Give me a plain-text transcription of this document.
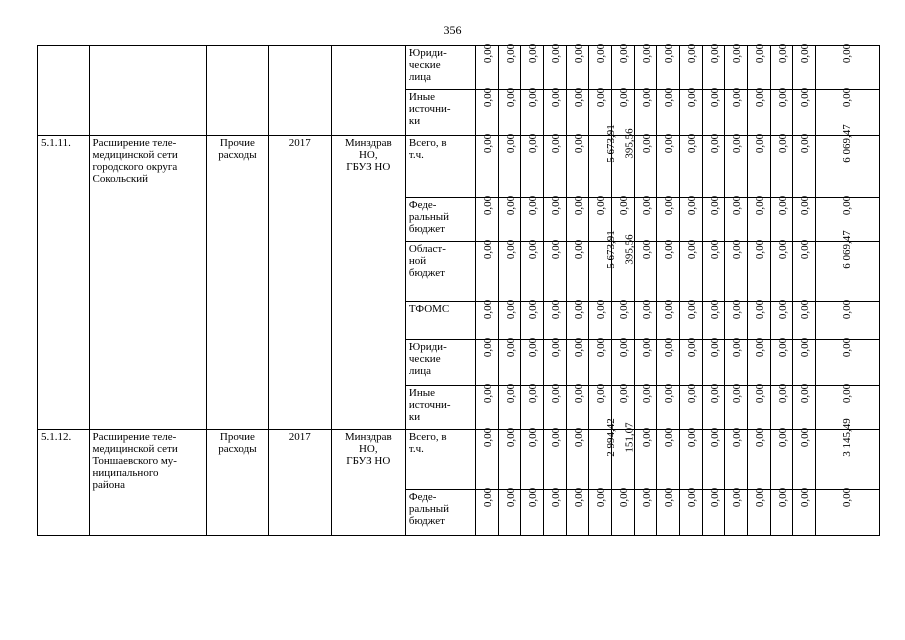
356
					Юриди-
ческие
лица	0,00	0,00	0,00	0,00	0,00	0,00	0,00	0,00	0,00	0,00	0,00	0,00	0,00	0,00	0,00	0,00
					Иные
источни-
ки	0,00	0,00	0,00	0,00	0,00	0,00	0,00	0,00	0,00	0,00	0,00	0,00	0,00	0,00	0,00	0,00
5.1.11.	Расширение теле-
медицинской сети
городского округа
Сокольский	Прочие
расходы	2017	Минздрав
НО,
ГБУЗ НО	Всего, в
т.ч.	0,00	0,00	0,00	0,00	0,00	5 673,91	395,56	0,00	0,00	0,00	0,00	0,00	0,00	0,00	0,00	6 069,47
					Феде-
ральный
бюджет	0,00	0,00	0,00	0,00	0,00	0,00	0,00	0,00	0,00	0,00	0,00	0,00	0,00	0,00	0,00	0,00
					Област-
ной
бюджет	0,00	0,00	0,00	0,00	0,00	5 673,91	395,56	0,00	0,00	0,00	0,00	0,00	0,00	0,00	0,00	6 069,47
					ТФОМС	0,00	0,00	0,00	0,00	0,00	0,00	0,00	0,00	0,00	0,00	0,00	0,00	0,00	0,00	0,00	0,00
					Юриди-
ческие
лица	0,00	0,00	0,00	0,00	0,00	0,00	0,00	0,00	0,00	0,00	0,00	0,00	0,00	0,00	0,00	0,00
					Иные
источни-
ки	0,00	0,00	0,00	0,00	0,00	0,00	0,00	0,00	0,00	0,00	0,00	0,00	0,00	0,00	0,00	0,00
5.1.12.	Расширение теле-
медицинской сети
Тоншаевского му-
ниципального
района	Прочие
расходы	2017	Минздрав
НО,
ГБУЗ НО	Всего, в
т.ч.	0,00	0,00	0,00	0,00	0,00	2 994,42	151,07	0,00	0,00	0,00	0,00	0,00	0,00	0,00	0,00	3 145,49
					Феде-
ральный
бюджет	0,00	0,00	0,00	0,00	0,00	0,00	0,00	0,00	0,00	0,00	0,00	0,00	0,00	0,00	0,00	0,00
